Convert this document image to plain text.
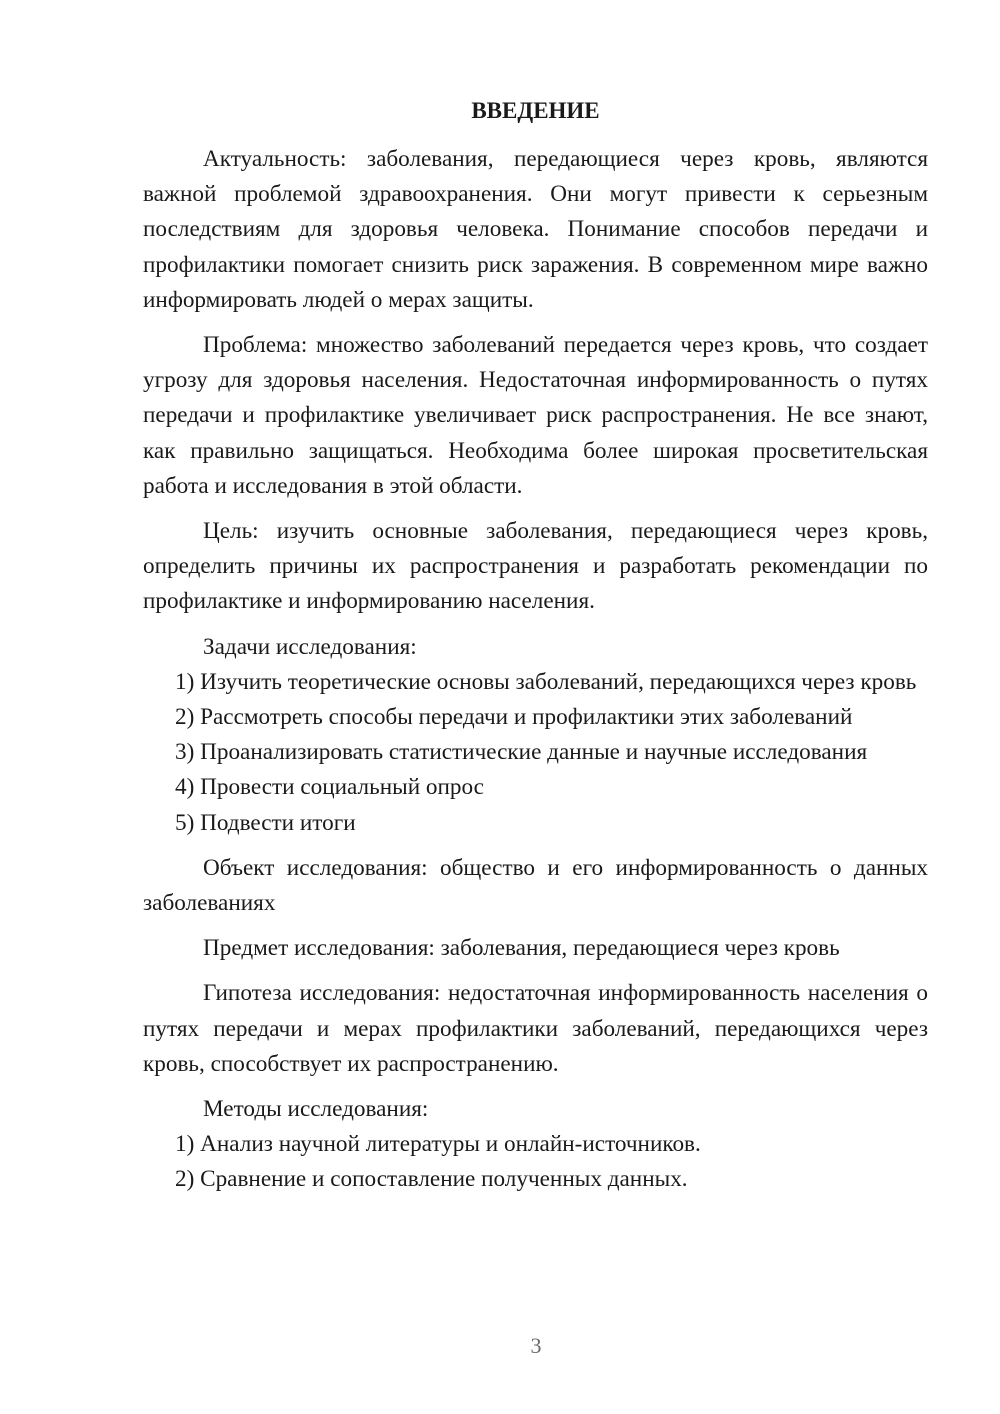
ВВЕДЕНИЕ

Актуальность: заболевания, передающиеся через кровь, являются важной проблемой здравоохранения. Они могут привести к серьезным последствиям для здоровья человека. Понимание способов передачи и профилактики помогает снизить риск заражения. В современном мире важно информировать людей о мерах защиты.

Проблема: множество заболеваний передается через кровь, что создает угрозу для здоровья населения. Недостаточная информированность о путях передачи и профилактике увеличивает риск распространения. Не все знают, как правильно защищаться. Необходима более широкая просветительская работа и исследования в этой области.

Цель: изучить основные заболевания, передающиеся через кровь, определить причины их распространения и разработать рекомендации по профилактике и информированию населения.

Задачи исследования:

1) Изучить теоретические основы заболеваний, передающихся через кровь

2) Рассмотреть способы передачи и профилактики этих заболеваний

3) Проанализировать статистические данные и научные исследования

4) Провести социальный опрос

5) Подвести итоги

Объект исследования: общество и его информированность о данных заболеваниях

Предмет исследования: заболевания, передающиеся через кровь

Гипотеза исследования: недостаточная информированность населения о путях передачи и мерах профилактики заболеваний, передающихся через кровь, способствует их распространению.

Методы исследования:

1) Анализ научной литературы и онлайн-источников.

2) Сравнение и сопоставление полученных данных.

3
